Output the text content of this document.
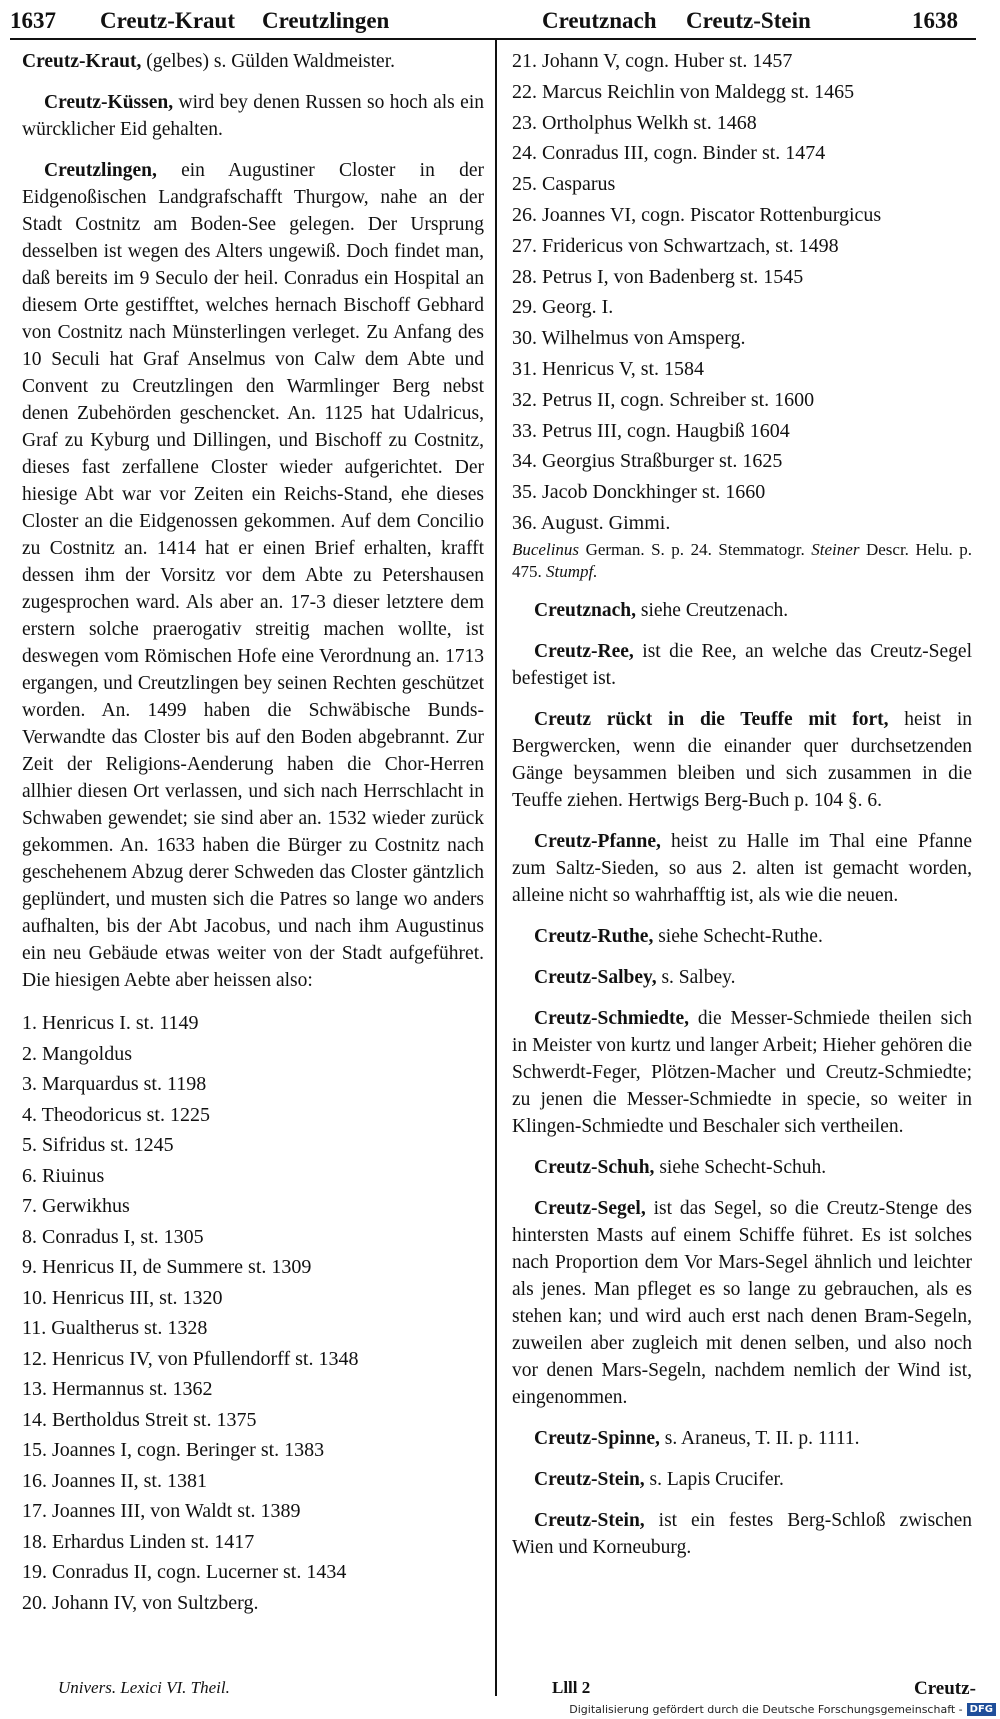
1637 Creutz-Kraut Creutzlingen	Creutznach Creutz-Stein	1638

Creutz-Kraut, (gelbes) s. Gülden Waldmeister.

Creutz-Küssen, wird bey denen Russen so hoch als ein würcklicher Eid gehalten.

Creutzlingen, ein Augustiner Closter in der Eidgenoßischen Landgrafschafft Thurgow, nahe an der Stadt Costnitz am Boden-See gelegen. Der Ursprung desselben ist wegen des Alters ungewiß. Doch findet man, daß bereits im 9 Seculo der heil. Conradus ein Hospital an diesem Orte gestifftet, welches hernach Bischoff Gebhard von Costnitz nach Münsterlingen verleget. Zu Anfang des 10 Seculi hat Graf Anselmus von Calw dem Abte und Convent zu Creutzlingen den Warmlinger Berg nebst denen Zubehörden geschencket. An. 1125 hat Udalricus, Graf zu Kyburg und Dillingen, und Bischoff zu Costnitz, dieses fast zerfallene Closter wieder aufgerichtet. Der hiesige Abt war vor Zeiten ein Reichs-Stand, ehe dieses Closter an die Eidgenossen gekommen. Auf dem Concilio zu Costnitz an. 1414 hat er einen Brief erhalten, krafft dessen ihm der Vorsitz vor dem Abte zu Petershausen zugesprochen ward. Als aber an. 17-3 dieser letztere dem erstern solche praerogativ streitig machen wollte, ist deswegen vom Römischen Hofe eine Verordnung an. 1713 ergangen, und Creutzlingen bey seinen Rechten geschützet worden. An. 1499 haben die Schwäbische Bunds-Verwandte das Closter bis auf den Boden abgebrannt. Zur Zeit der Religions-Aenderung haben die Chor-Herren allhier diesen Ort verlassen, und sich nach Herrschlacht in Schwaben gewendet; sie sind aber an. 1532 wieder zurück gekommen. An. 1633 haben die Bürger zu Costnitz nach geschehenem Abzug derer Schweden das Closter gäntzlich geplündert, und musten sich die Patres so lange wo anders aufhalten, bis der Abt Jacobus, und nach ihm Augustinus ein neu Gebäude etwas weiter von der Stadt aufgeführet. Die hiesigen Aebte aber heissen also:

1. Henricus I. st. 1149
2. Mangoldus
3. Marquardus st. 1198
4. Theodoricus st. 1225
5. Sifridus st. 1245
6. Riuinus
7. Gerwikhus
8. Conradus I, st. 1305
9. Henricus II, de Summere st. 1309
10. Henricus III, st. 1320
11. Gualtherus st. 1328
12. Henricus IV, von Pfullendorff st. 1348
13. Hermannus st. 1362
14. Bertholdus Streit st. 1375
15. Joannes I, cogn. Beringer st. 1383
16. Joannes II, st. 1381
17. Joannes III, von Waldt st. 1389
18. Erhardus Linden st. 1417
19. Conradus II, cogn. Lucerner st. 1434
20. Johann IV, von Sultzberg.
21. Johann V, cogn. Huber st. 1457
22. Marcus Reichlin von Maldegg st. 1465
23. Ortholphus Welkh st. 1468
24. Conradus III, cogn. Binder st. 1474
25. Casparus
26. Joannes VI, cogn. Piscator Rottenburgicus
27. Fridericus von Schwartzach, st. 1498
28. Petrus I, von Badenberg st. 1545
29. Georg. I.
30. Wilhelmus von Amsperg.
31. Henricus V, st. 1584
32. Petrus II, cogn. Schreiber st. 1600
33. Petrus III, cogn. Haugbiß 1604
34. Georgius Straßburger st. 1625
35. Jacob Donckhinger st. 1660
36. August. Gimmi.

Bucelinus German. S. p. 24. Stemmatogr. Steiner Descr. Helu. p. 475. Stumpf.

Creutznach, siehe Creutzenach.

Creutz-Ree, ist die Ree, an welche das Creutz-Segel befestiget ist.

Creutz rückt in die Teuffe mit fort, heist in Bergwercken, wenn die einander quer durchsetzenden Gänge beysammen bleiben und sich zusammen in die Teuffe ziehen. Hertwigs Berg-Buch p. 104 §. 6.

Creutz-Pfanne, heist zu Halle im Thal eine Pfanne zum Saltz-Sieden, so aus 2. alten ist gemacht worden, alleine nicht so wahrhafftig ist, als wie die neuen.

Creutz-Ruthe, siehe Schecht-Ruthe.

Creutz-Salbey, s. Salbey.

Creutz-Schmiedte, die Messer-Schmiede theilen sich in Meister von kurtz und langer Arbeit; Hieher gehören die Schwerdt-Feger, Plötzen-Macher und Creutz-Schmiedte; zu jenen die Messer-Schmiedte in specie, so weiter in Klingen-Schmiedte und Beschaler sich vertheilen.

Creutz-Schuh, siehe Schecht-Schuh.

Creutz-Segel, ist das Segel, so die Creutz-Stenge des hintersten Masts auf einem Schiffe führet. Es ist solches nach Proportion dem Vor Mars-Segel ähnlich und leichter als jenes. Man pfleget es so lange zu gebrauchen, als es stehen kan; und wird auch erst nach denen Bram-Segeln, zuweilen aber zugleich mit denen selben, und also noch vor denen Mars-Segeln, nachdem nemlich der Wind ist, eingenommen.

Creutz-Spinne, s. Araneus, T. II. p. 1111.

Creutz-Stein, s. Lapis Crucifer.

Creutz-Stein, ist ein festes Berg-Schloß zwischen Wien und Korneuburg.

Univers. Lexici VI. Theil.	Llll 2	Creutz-
Digitalisierung gefördert durch die Deutsche Forschungsgemeinschaft - DFG
